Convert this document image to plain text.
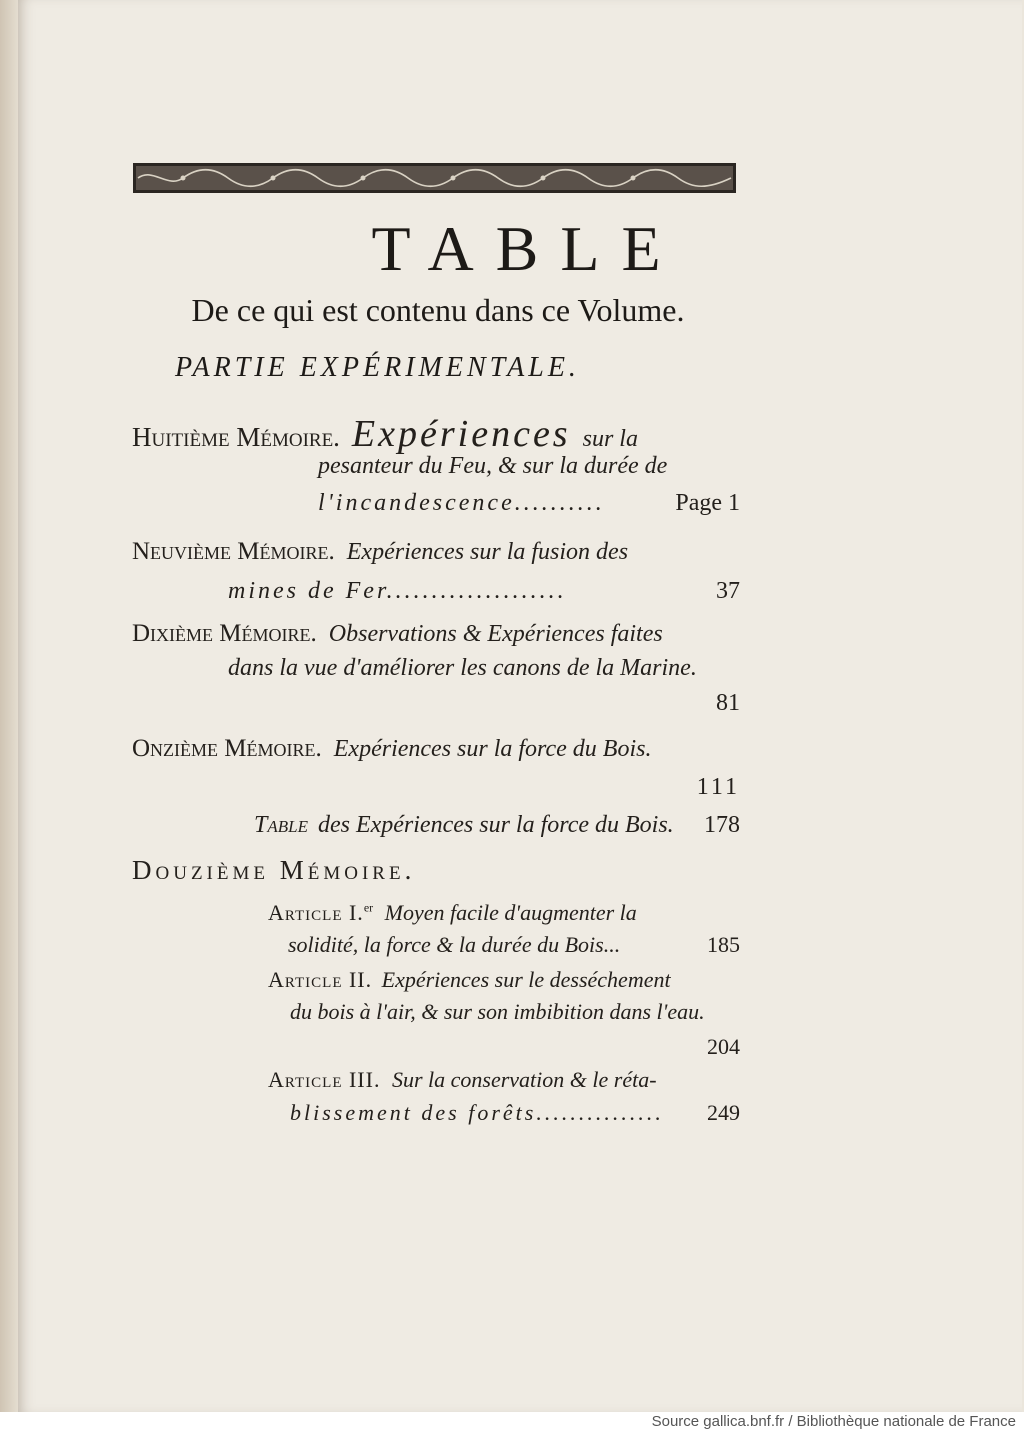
TABLE
De ce qui est contenu dans ce Volume.
PARTIE EXPÉRIMENTALE.
Huitième Mémoire. Expériences sur la
pesanteur du Feu, & sur la durée de
l'incandescence..........	Page 1
Neuvième Mémoire. Expériences sur la fusion des
mines de Fer....................	37
Dixième Mémoire. Observations & Expériences faites
dans la vue d'améliorer les canons de la Marine.
81
Onzième Mémoire. Expériences sur la force du Bois.
111
Table des Expériences sur la force du Bois.	178
Douzième Mémoire.
Article I.$^{er}$ Moyen facile d'augmenter la
solidité, la force & la durée du Bois...	185
Article II. Expériences sur le desséchement
du bois à l'air, & sur son imbibition dans l'eau.
204
Article III. Sur la conservation & le réta-
blissement des forêts...............	249
Source gallica.bnf.fr / Bibliothèque nationale de France
